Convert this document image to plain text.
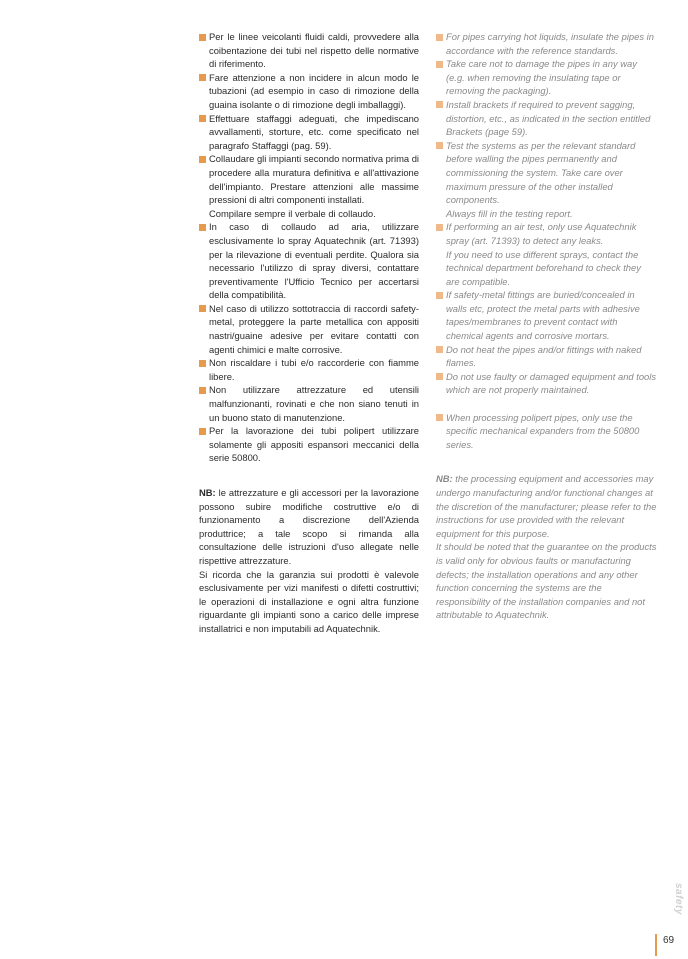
Per le linee veicolanti fluidi caldi, provvedere alla coibentazione dei tubi nel rispetto delle normative di riferimento.
Fare attenzione a non incidere in alcun modo le tubazioni (ad esempio in caso di rimozione della guaina isolante o di rimozione degli imballaggi).
Effettuare staffaggi adeguati, che impediscano avvallamenti, storture, etc. come specificato nel paragrafo Staffaggi (pag. 59).
Collaudare gli impianti secondo normativa prima di procedere alla muratura definitiva e all'attivazione dell'impianto. Prestare attenzioni alle massime pressioni di altri componenti installati.
Compilare sempre il verbale di collaudo.
In caso di collaudo ad aria, utilizzare esclusivamente lo spray Aquatechnik (art. 71393) per la rilevazione di eventuali perdite. Qualora sia necessario l'utilizzo di spray diversi, contattare preventivamente l'Ufficio Tecnico per accertarsi della compatibilità.
Nel caso di utilizzo sottotraccia di raccordi safety-metal, proteggere la parte metallica con appositi nastri/guaine adesive per evitare contatti con agenti chimici e malte corrosive.
Non riscaldare i tubi e/o raccorderie con fiamme libere.
Non utilizzare attrezzature ed utensili malfunzionanti, rovinati e che non siano tenuti in un buono stato di manutenzione.
Per la lavorazione dei tubi polipert utilizzare solamente gli appositi espansori meccanici della serie 50800.

NB: le attrezzature e gli accessori per la lavorazione possono subire modifiche costruttive e/o di funzionamento a discrezione dell'Azienda produttrice; a tale scopo si rimanda alla consultazione delle istruzioni d'uso allegate nelle rispettive attrezzature.

Si ricorda che la garanzia sui prodotti è valevole esclusivamente per vizi manifesti o difetti costruttivi; le operazioni di installazione e ogni altra funzione riguardante gli impianti sono a carico delle imprese installatrici e non imputabili ad Aquatechnik.

For pipes carrying hot liquids, insulate the pipes in accordance with the reference standards.
Take care not to damage the pipes in any way (e.g. when removing the insulating tape or removing the packaging).
Install brackets if required to prevent sagging, distortion, etc., as indicated in the section entitled Brackets (page 59).
Test the systems as per the relevant standard before walling the pipes permanently and commissioning the system. Take care over maximum pressure of the other installed components.
Always fill in the testing report.
If performing an air test, only use Aquatechnik spray (art. 71393) to detect any leaks.
If you need to use different sprays, contact the technical department beforehand to check they are compatible.
If safety-metal fittings are buried/concealed in walls etc, protect the metal parts with adhesive tapes/membranes to prevent contact with chemical agents and corrosive mortars.
Do not heat the pipes and/or fittings with naked flames.
Do not use faulty or damaged equipment and tools which are not properly maintained.
When processing polipert pipes, only use the specific mechanical expanders from the 50800 series.

NB: the processing equipment and accessories may undergo manufacturing and/or functional changes at the discretion of the manufacturer; please refer to the instructions for use provided with the relevant equipment for this purpose.

It should be noted that the guarantee on the products is valid only for obvious faults or manufacturing defects; the installation operations and any other function concerning the systems are the responsibility of the installation companies and not attributable to Aquatechnik.

safety
69
